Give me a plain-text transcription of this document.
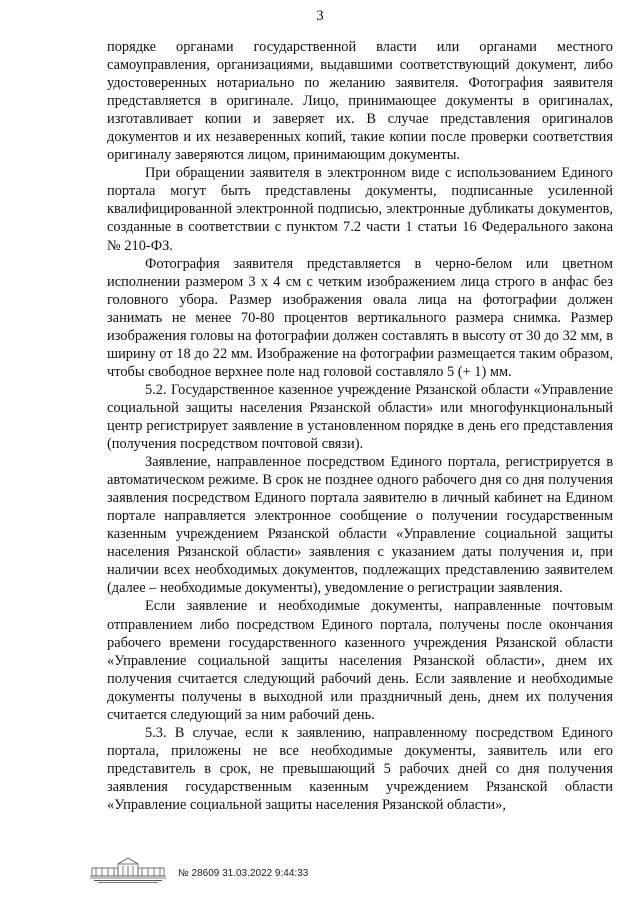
3

порядке органами государственной власти или органами местного самоуправления, организациями, выдавшими соответствующий документ, либо удостоверенных нотариально по желанию заявителя. Фотография заявителя представляется в оригинале. Лицо, принимающее документы в оригиналах, изготавливает копии и заверяет их. В случае представления оригиналов документов и их незаверенных копий, такие копии после проверки соответствия оригиналу заверяются лицом, принимающим документы.

При обращении заявителя в электронном виде с использованием Единого портала могут быть представлены документы, подписанные усиленной квалифицированной электронной подписью, электронные дубликаты документов, созданные в соответствии с пунктом 7.2 части 1 статьи 16 Федерального закона № 210-ФЗ.

Фотография заявителя представляется в черно-белом или цветном исполнении размером 3 х 4 см с четким изображением лица строго в анфас без головного убора. Размер изображения овала лица на фотографии должен занимать не менее 70-80 процентов вертикального размера снимка. Размер изображения головы на фотографии должен составлять в высоту от 30 до 32 мм, в ширину от 18 до 22 мм. Изображение на фотографии размещается таким образом, чтобы свободное верхнее поле над головой составляло 5 (+ 1) мм.

5.2. Государственное казенное учреждение Рязанской области «Управление социальной защиты населения Рязанской области» или многофункциональный центр регистрирует заявление в установленном порядке в день его представления (получения посредством почтовой связи).

Заявление, направленное посредством Единого портала, регистрируется в автоматическом режиме. В срок не позднее одного рабочего дня со дня получения заявления посредством Единого портала заявителю в личный кабинет на Едином портале направляется электронное сообщение о получении государственным казенным учреждением Рязанской области «Управление социальной защиты населения Рязанской области» заявления с указанием даты получения и, при наличии всех необходимых документов, подлежащих представлению заявителем (далее – необходимые документы), уведомление о регистрации заявления.

Если заявление и необходимые документы, направленные почтовым отправлением либо посредством Единого портала, получены после окончания рабочего времени государственного казенного учреждения Рязанской области «Управление социальной защиты населения Рязанской области», днем их получения считается следующий рабочий день. Если заявление и необходимые документы получены в выходной или праздничный день, днем их получения считается следующий за ним рабочий день.

5.3. В случае, если к заявлению, направленному посредством Единого портала, приложены не все необходимые документы, заявитель или его представитель в срок, не превышающий 5 рабочих дней со дня получения заявления государственным казенным учреждением Рязанской области «Управление социальной защиты населения Рязанской области»,

№ 28609 31.03.2022 9:44:33
